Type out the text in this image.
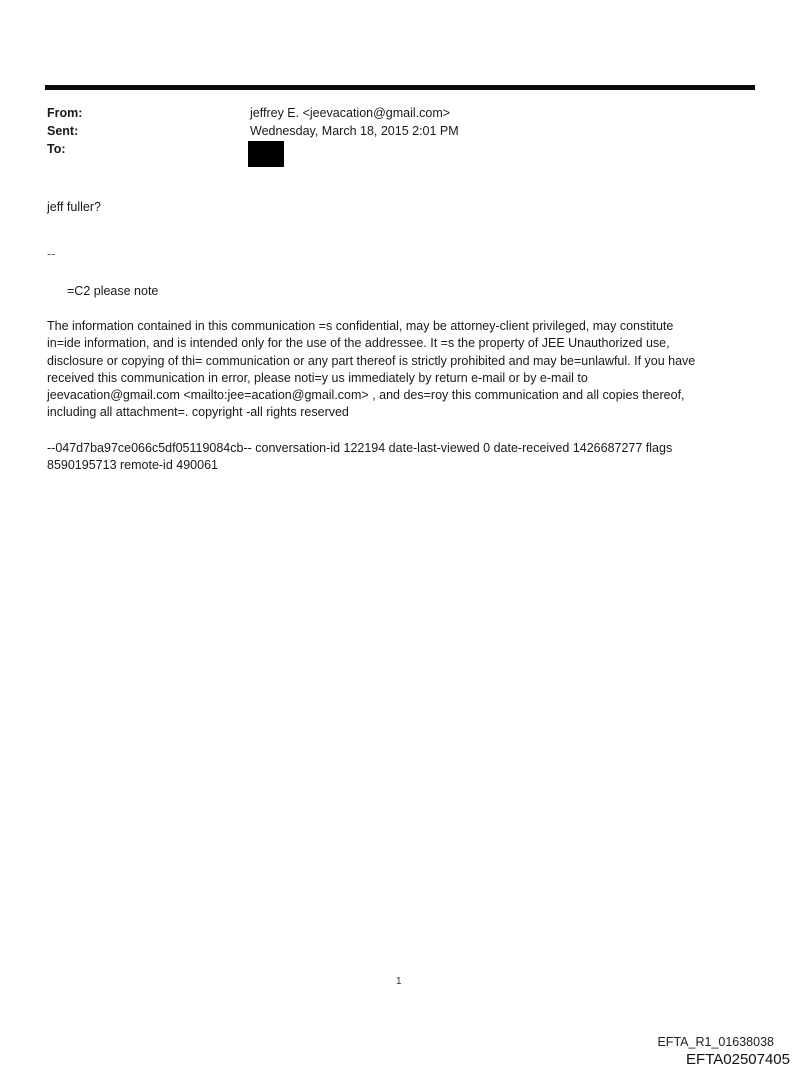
From:	jeffrey E. <jeevacation@gmail.com>
Sent:	Wednesday, March 18, 2015 2:01 PM
To:
jeff fuller?
--
=C2 please note
The information contained in this communication =s confidential, may be attorney-client privileged, may constitute
in=ide information, and is intended only for the use of the addressee. It =s the property of JEE Unauthorized use,
disclosure or copying of thi= communication or any part thereof is strictly prohibited and may be=unlawful. If you have
received this communication in error, please noti=y us immediately by return e-mail or by e-mail to
jeevacation@gmail.com <mailto:jee=acation@gmail.com> , and des=roy this communication and all copies thereof,
including all attachment=. copyright -all rights reserved
--047d7ba97ce066c5df05119084cb-- conversation-id 122194 date-last-viewed 0 date-received 1426687277 flags
8590195713 remote-id 490061
1
EFTA_R1_01638038
EFTA02507405
